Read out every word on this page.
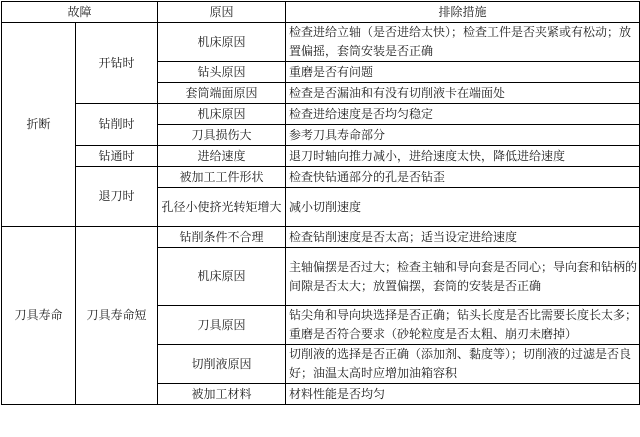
故障		原因	排除措施
折断	开钻时	机床原因	检查进给立轴（是否进给太快）；检查工件是否夹紧或有松动；放置偏摇，套筒安装是否正确
		钻头原因	重磨是否有问题
		套筒端面原因	检查是否漏油和有没有切削液卡在端面处
	钻削时	机床原因	检查进给速度是否均匀稳定
		刀具损伤大	参考刀具寿命部分
	钻通时	进给速度	退刀时轴向推力减小，进给速度太快，降低进给速度
	退刀时	被加工工件形状	检查快钻通部分的孔是否钻歪
		孔径小使挤光转矩增大	减小切削速度
刀具寿命	刀具寿命短	钻削条件不合理	检查钻削速度是否太高；适当设定进给速度
		机床原因	主轴偏摆是否过大；检查主轴和导向套是否同心；导向套和钻柄的间隙是否太大；放置偏摆，套筒的安装是否正确
		刀具原因	钻尖角和导向块选择是否正确；钻头长度是否比需要长度长太多；重磨是否符合要求（砂轮粒度是否太粗、崩刃未磨掉）
		切削液原因	切削液的选择是否正确（添加剂、黏度等）；切削液的过滤是否良好；油温太高时应增加油箱容积
		被加工材料	材料性能是否均匀
